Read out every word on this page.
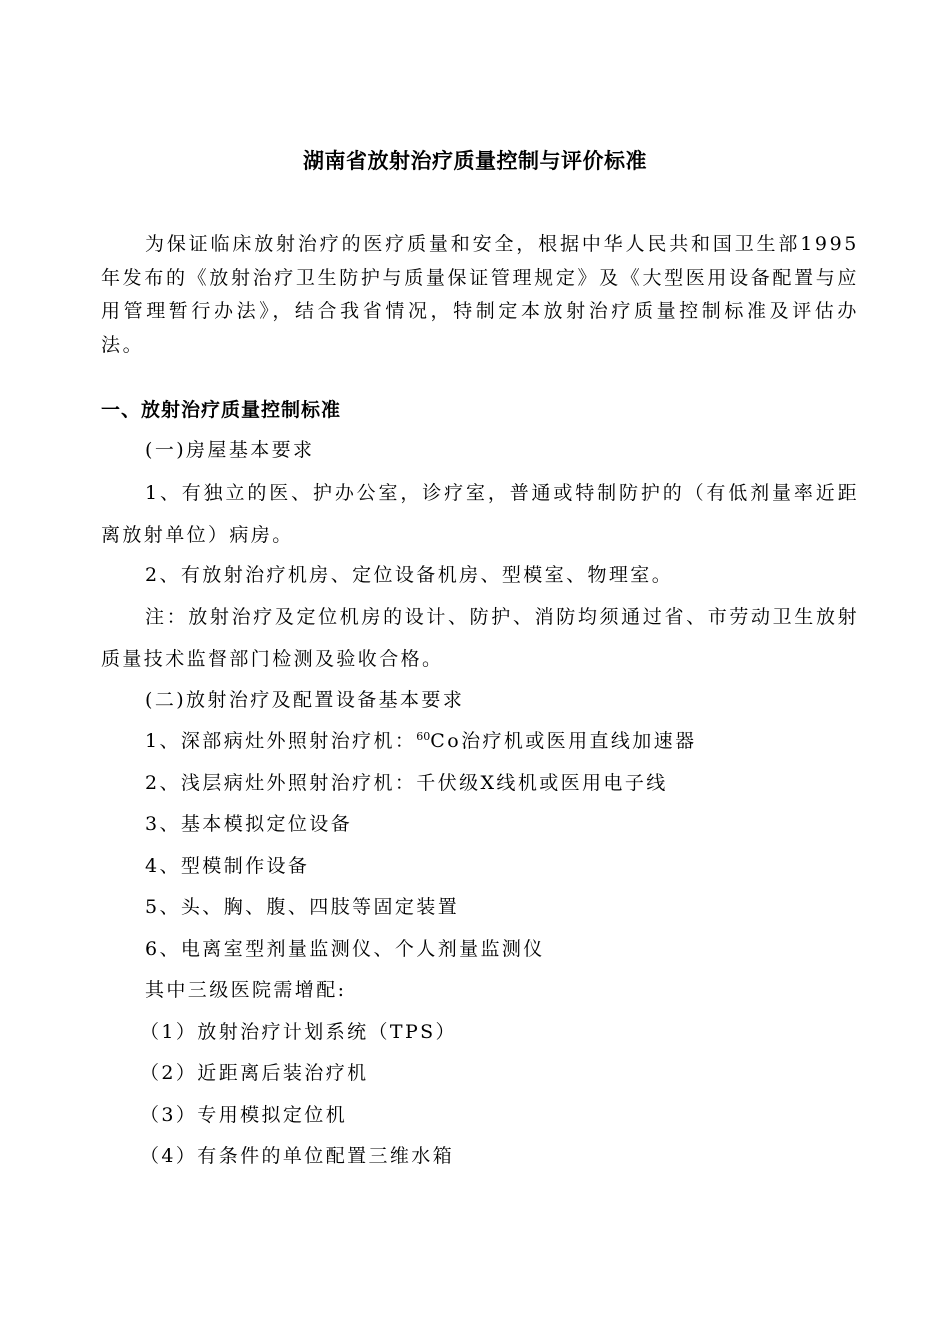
湖南省放射治疗质量控制与评价标准
为保证临床放射治疗的医疗质量和安全，根据中华人民共和国卫生部1995年发布的《放射治疗卫生防护与质量保证管理规定》及《大型医用设备配置与应用管理暂行办法》，结合我省情况，特制定本放射治疗质量控制标准及评估办法。
一、放射治疗质量控制标准
(一)房屋基本要求
1、有独立的医、护办公室，诊疗室，普通或特制防护的（有低剂量率近距离放射单位）病房。
2、有放射治疗机房、定位设备机房、型模室、物理室。
注：放射治疗及定位机房的设计、防护、消防均须通过省、市劳动卫生放射质量技术监督部门检测及验收合格。
(二)放射治疗及配置设备基本要求
1、深部病灶外照射治疗机：$^{60}$Co治疗机或医用直线加速器
2、浅层病灶外照射治疗机：千伏级X线机或医用电子线
3、基本模拟定位设备
4、型模制作设备
5、头、胸、腹、四肢等固定装置
6、电离室型剂量监测仪、个人剂量监测仪
其中三级医院需增配:
（1）放射治疗计划系统（TPS）
（2）近距离后装治疗机
（3）专用模拟定位机
（4）有条件的单位配置三维水箱
